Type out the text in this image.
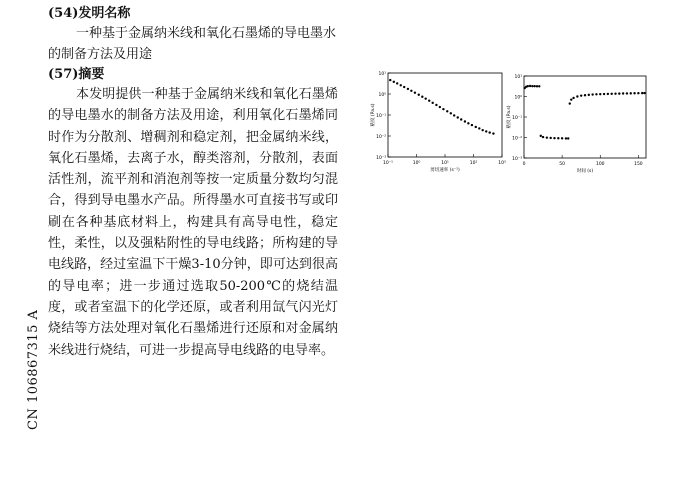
CN 106867315 A

(54)发明名称

一种基于金属纳米线和氧化石墨烯的导电墨水的制备方法及用途

(57)摘要

本发明提供一种基于金属纳米线和氧化石墨烯的导电墨水的制备方法及用途，利用氧化石墨烯同时作为分散剂、增稠剂和稳定剂，把金属纳米线，氧化石墨烯，去离子水，醇类溶剂，分散剂，表面活性剂，流平剂和消泡剂等按一定质量分数均匀混合，得到导电墨水产品。所得墨水可直接书写或印刷在各种基底材料上，构建具有高导电性，稳定性，柔性，以及强粘附性的导电线路；所构建的导电线路，经过室温下干燥3-10分钟，即可达到很高的导电率；进一步通过选取50-200℃的烧结温度，或者室温下的化学还原，或者利用氙气闪光灯烧结等方法处理对氧化石墨烯进行还原和对金属纳米线进行烧结，可进一步提高导电线路的电导率。

10⁻³
10⁻²
10⁻¹
10⁰
10¹
10⁻¹	10⁰	10¹	10²	10³
剪切速率 (s⁻¹)
粘度 (Pa.s)
10⁻³
10⁻²
10⁻¹
10⁰
10¹
0	50	100	150
时间 (s)
粘度 (Pa.s)
